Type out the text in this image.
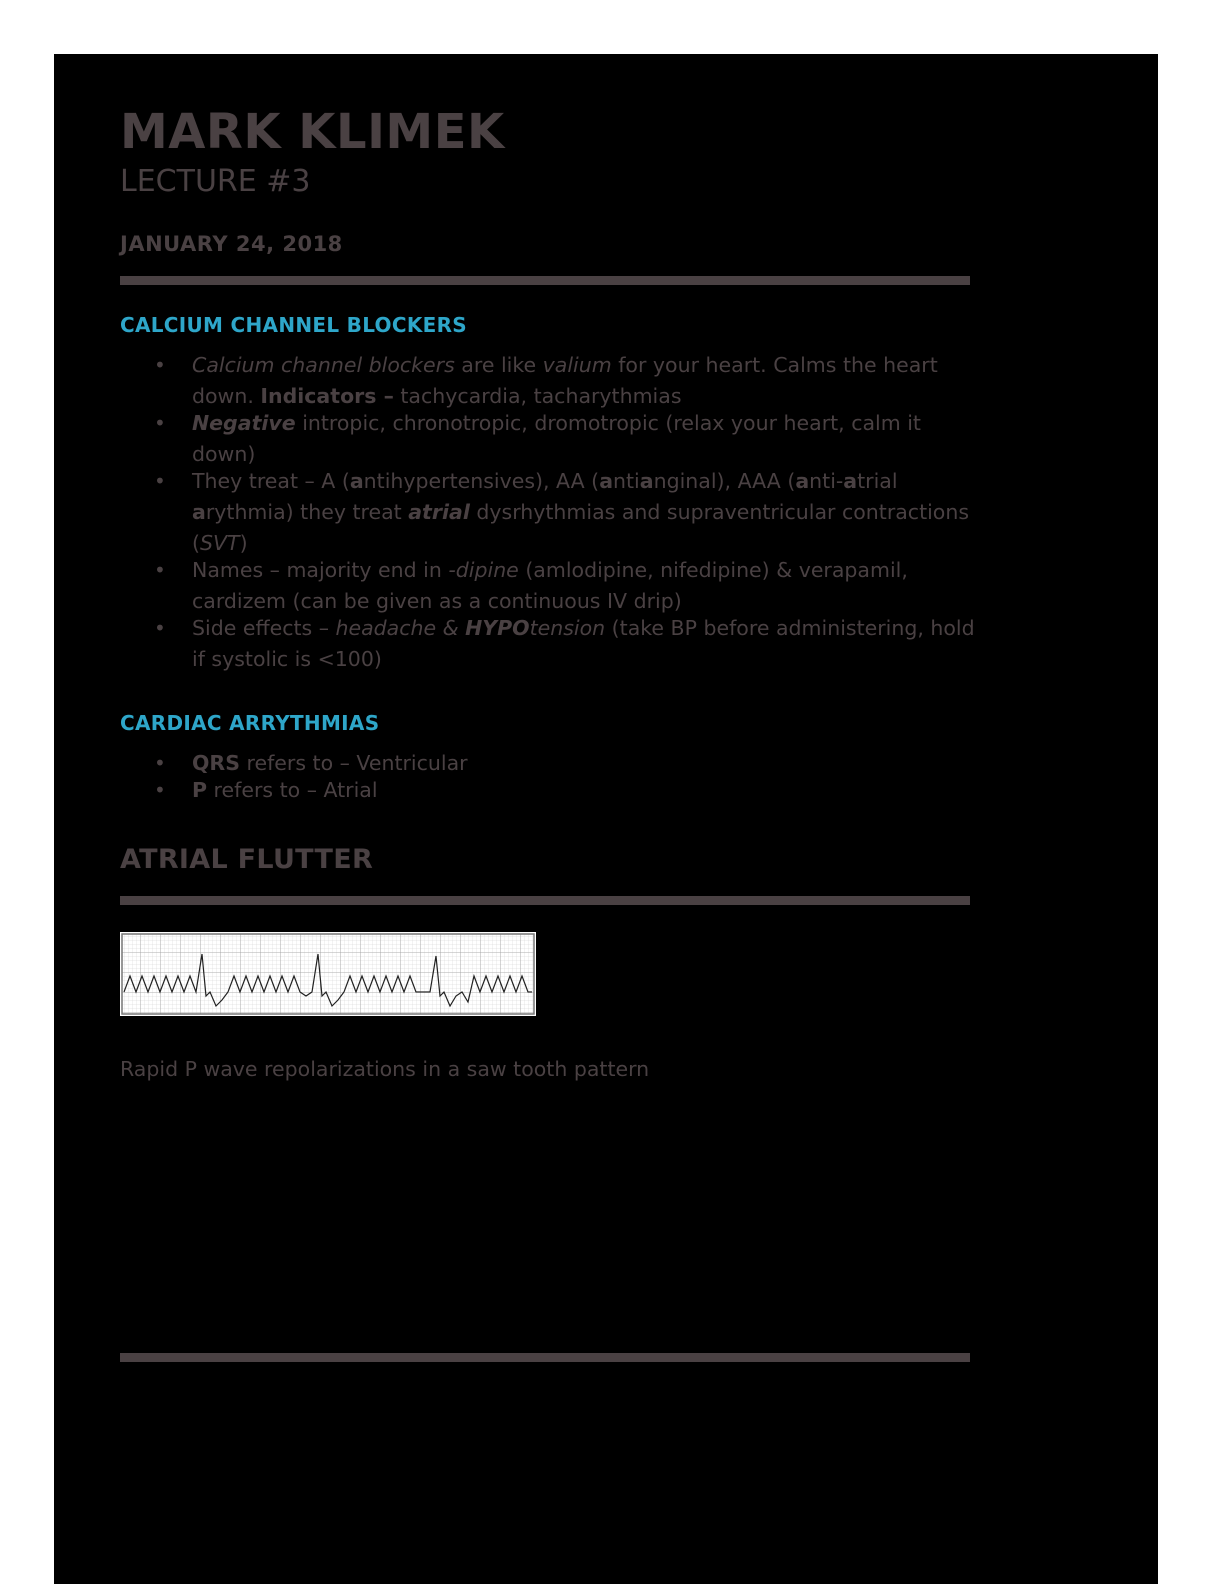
MARK KLIMEK

LECTURE #3

JANUARY 24, 2018

CALCIUM CHANNEL BLOCKERS
• Calcium channel blockers are like valium for your heart. Calms the heart down. Indicators – tachycardia, tacharythmias
• Negative intropic, chronotropic, dromotropic (relax your heart, calm it down)
• They treat – A (antihypertensives), AA (antianginal), AAA (anti-atrial arythmia) they treat atrial dysrhythmias and supraventricular contractions (SVT)
• Names – majority end in -dipine (amlodipine, nifedipine) & verapamil, cardizem (can be given as a continuous IV drip)
• Side effects – headache & HYPOtension (take BP before administering, hold if systolic is <100)
CARDIAC ARRYTHMIAS
• QRS refers to – Ventricular
• P refers to – Atrial
ATRIAL FLUTTER

Rapid P wave repolarizations in a saw tooth pattern
